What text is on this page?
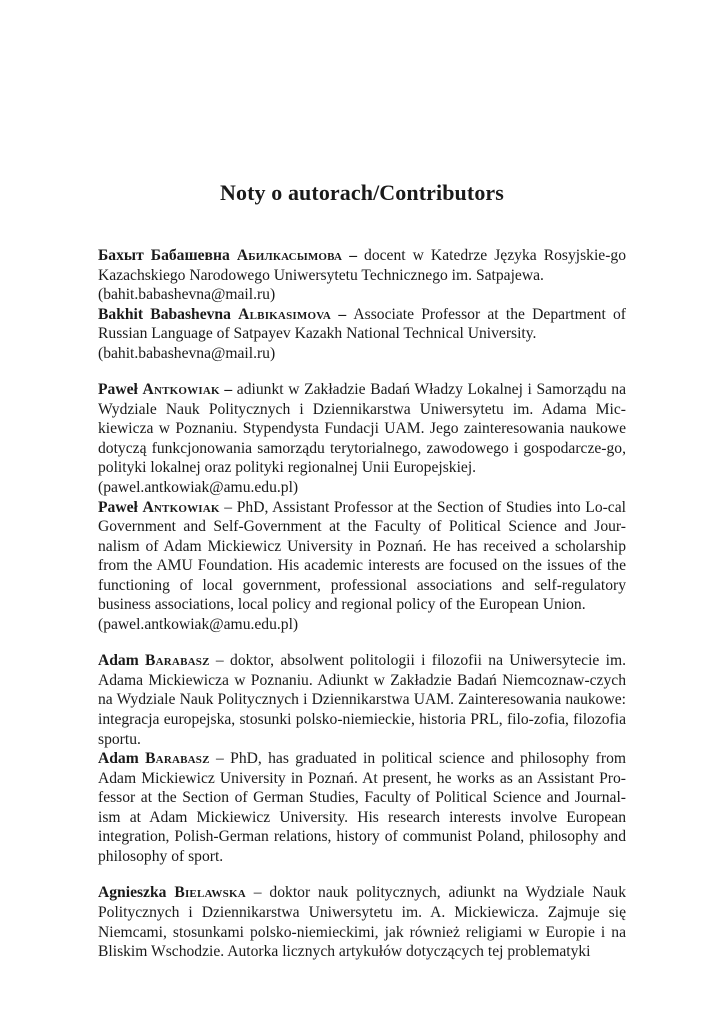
Noty o autorach/Contributors

Бахыт Бабашевна Абилкасымова – docent w Katedrze Języka Rosyjskie-go Kazachskiego Narodowego Uniwersytetu Technicznego im. Satpajewa.
(bahit.babashevna@mail.ru)

Bakhit Babashevna Albikasimova – Associate Professor at the Department of Russian Language of Satpayev Kazakh National Technical University.
(bahit.babashevna@mail.ru)

Paweł Antkowiak – adiunkt w Zakładzie Badań Władzy Lokalnej i Samorządu na Wydziale Nauk Politycznych i Dziennikarstwa Uniwersytetu im. Adama Mic-kiewicza w Poznaniu. Stypendysta Fundacji UAM. Jego zainteresowania naukowe dotyczą funkcjonowania samorządu terytorialnego, zawodowego i gospodarcze-go, polityki lokalnej oraz polityki regionalnej Unii Europejskiej.
(pawel.antkowiak@amu.edu.pl)

Paweł Antkowiak – PhD, Assistant Professor at the Section of Studies into Lo-cal Government and Self-Government at the Faculty of Political Science and Jour-nalism of Adam Mickiewicz University in Poznań. He has received a scholarship from the AMU Foundation. His academic interests are focused on the issues of the functioning of local government, professional associations and self-regulatory business associations, local policy and regional policy of the European Union.
(pawel.antkowiak@amu.edu.pl)

Adam Barabasz – doktor, absolwent politologii i filozofii na Uniwersytecie im. Adama Mickiewicza w Poznaniu. Adiunkt w Zakładzie Badań Niemcoznaw-czych na Wydziale Nauk Politycznych i Dziennikarstwa UAM. Zainteresowania naukowe: integracja europejska, stosunki polsko-niemieckie, historia PRL, filo-zofia, filozofia sportu.

Adam Barabasz – PhD, has graduated in political science and philosophy from Adam Mickiewicz University in Poznań. At present, he works as an Assistant Pro-fessor at the Section of German Studies, Faculty of Political Science and Journal-ism at Adam Mickiewicz University. His research interests involve European integration, Polish-German relations, history of communist Poland, philosophy and philosophy of sport.

Agnieszka Bielawska – doktor nauk politycznych, adiunkt na Wydziale Nauk Politycznych i Dziennikarstwa Uniwersytetu im. A. Mickiewicza. Zajmuje się Niemcami, stosunkami polsko-niemieckimi, jak również religiami w Europie i na Bliskim Wschodzie. Autorka licznych artykułów dotyczących tej problematyki
